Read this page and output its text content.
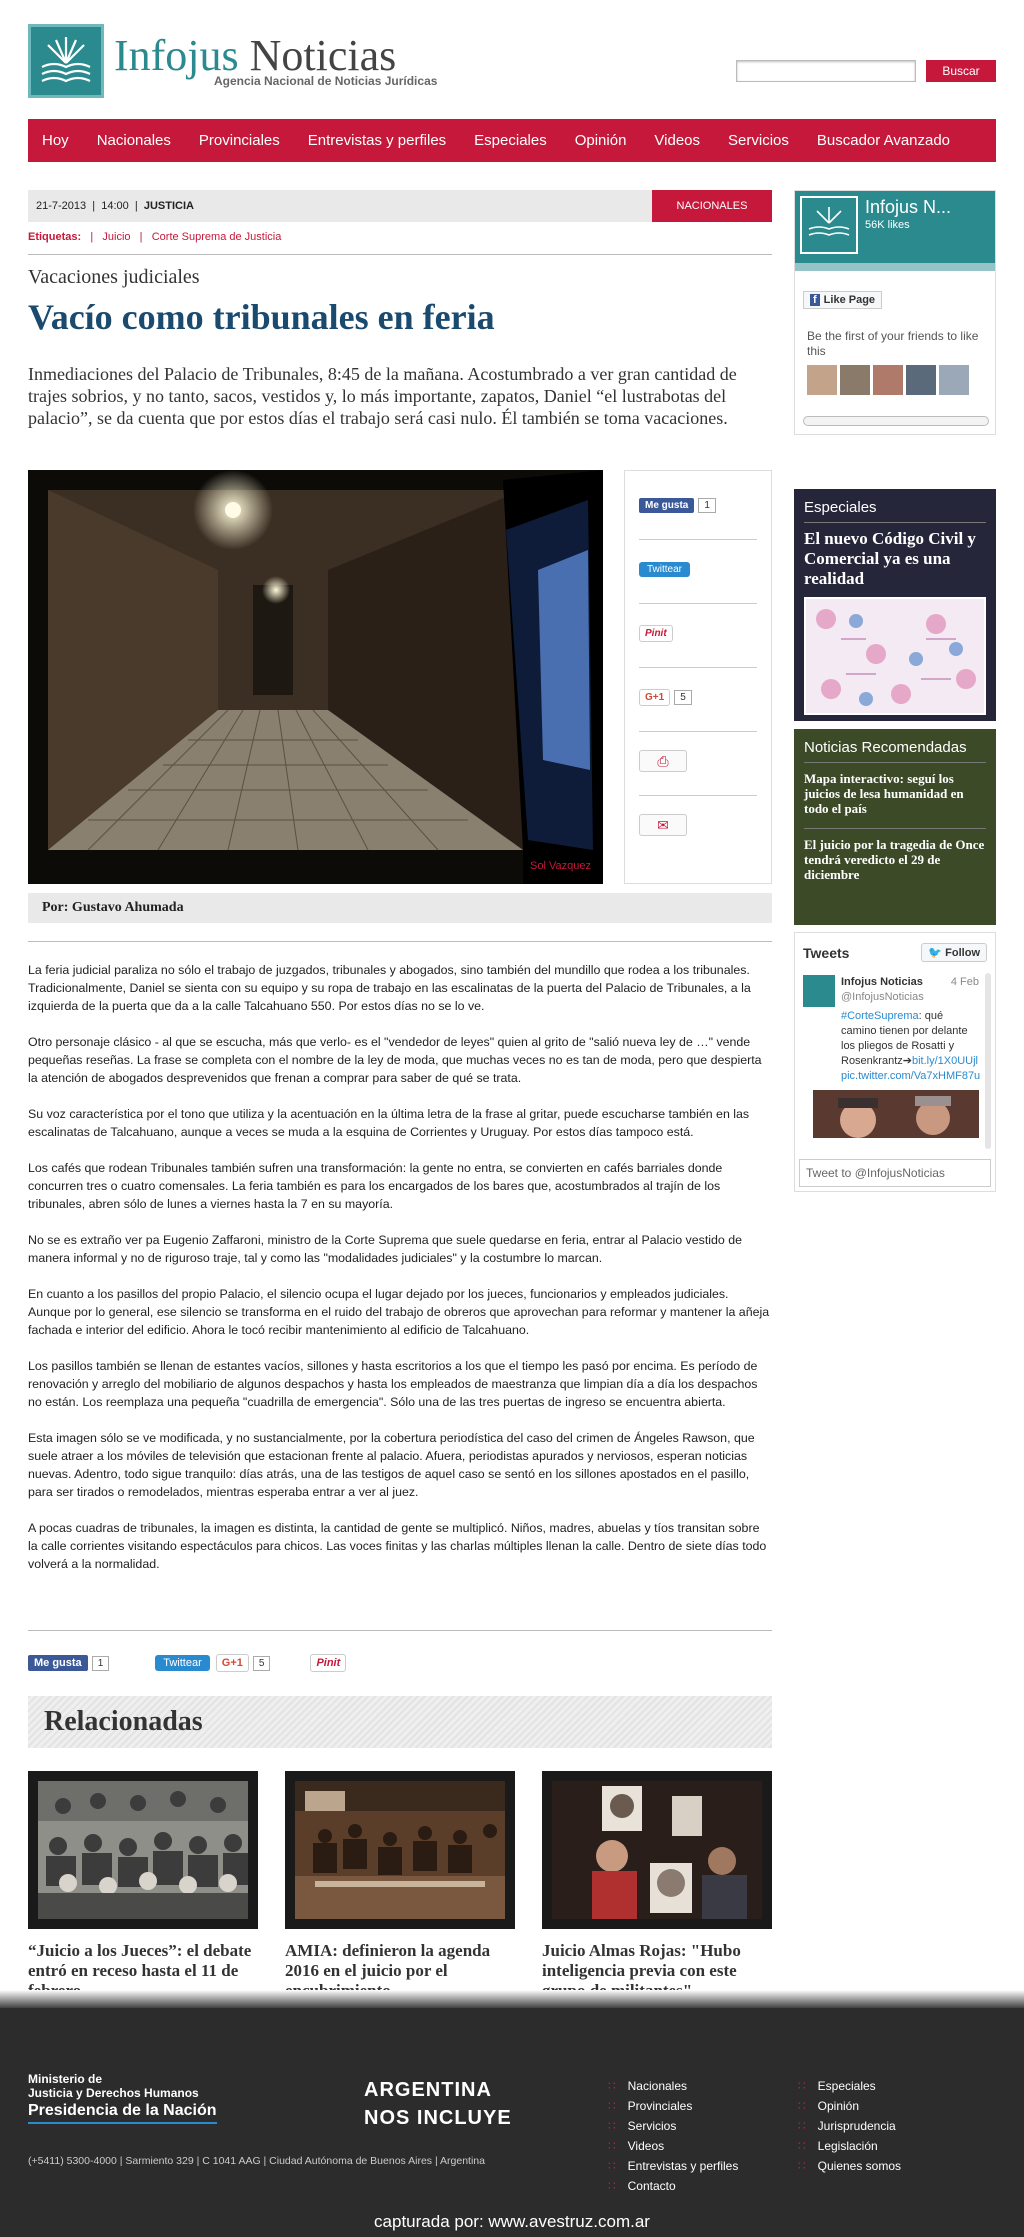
Infojus Noticias
Agencia Nacional de Noticias Jurídicas
Buscar
Hoy Nacionales Provinciales Entrevistas y perfiles Especiales Opinión Videos Servicios Buscador Avanzado
21-7-2013  |  14:00  |  JUSTICIA	NACIONALES
Etiquetas:   |   Juicio   |   Corte Suprema de Justicia
Vacaciones judiciales
Vacío como tribunales en feria
Inmediaciones del Palacio de Tribunales, 8:45 de la mañana. Acostumbrado a ver gran cantidad de trajes sobrios, y no tanto, sacos, vestidos y, lo más importante, zapatos, Daniel “el lustrabotas del palacio”, se da cuenta que por estos días el trabajo será casi nulo. Él también se toma vacaciones.
Sol Vazquez
Me gusta	1
Twittear
Pinit
G+1	5
⎙
✉
Por: Gustavo Ahumada

La feria judicial paraliza no sólo el trabajo de juzgados, tribunales y abogados, sino también del mundillo que rodea a los tribunales. Tradicionalmente, Daniel se sienta con su equipo y su ropa de trabajo en las escalinatas de la puerta del Palacio de Tribunales, a la izquierda de la puerta que da a la calle Talcahuano 550. Por estos días no se lo ve.

Otro personaje clásico - al que se escucha, más que verlo- es el "vendedor de leyes" quien al grito de "salió nueva ley de …" vende pequeñas reseñas. La frase se completa con el nombre de la ley de moda, que muchas veces no es tan de moda, pero que despierta la atención de abogados desprevenidos que frenan a comprar para saber de qué se trata.

Su voz característica por el tono que utiliza y la acentuación en la última letra de la frase al gritar, puede escucharse también en las escalinatas de Talcahuano, aunque a veces se muda a la esquina de Corrientes y Uruguay. Por estos días tampoco está.

Los cafés que rodean Tribunales también sufren una transformación: la gente no entra, se convierten en cafés barriales donde concurren tres o cuatro comensales. La feria también es para los encargados de los bares que, acostumbrados al trajín de los tribunales, abren sólo de lunes a viernes hasta la 7 en su mayoría.

No se es extraño ver pa Eugenio Zaffaroni, ministro de la Corte Suprema que suele quedarse en feria, entrar al Palacio vestido de manera informal y no de riguroso traje, tal y como las "modalidades judiciales" y la costumbre lo marcan.

En cuanto a los pasillos del propio Palacio, el silencio ocupa el lugar dejado por los jueces, funcionarios y empleados judiciales. Aunque por lo general, ese silencio se transforma en el ruido del trabajo de obreros que aprovechan para reformar y mantener la añeja fachada e interior del edificio. Ahora le tocó recibir mantenimiento al edificio de Talcahuano.

Los pasillos también se llenan de estantes vacíos, sillones y hasta escritorios a los que el tiempo les pasó por encima. Es período de renovación y arreglo del mobiliario de algunos despachos y hasta los empleados de maestranza que limpian día a día los despachos no están. Los reemplaza una pequeña "cuadrilla de emergencia". Sólo una de las tres puertas de ingreso se encuentra abierta.

Esta imagen sólo se ve modificada, y no sustancialmente, por la cobertura periodística del caso del crimen de Ángeles Rawson, que suele atraer a los móviles de televisión que estacionan frente al palacio. Afuera, periodistas apurados y nerviosos, esperan noticias nuevas. Adentro, todo sigue tranquilo: días atrás, una de las testigos de aquel caso se sentó en los sillones apostados en el pasillo, para ser tirados o remodelados, mientras esperaba entrar a ver al juez.

A pocas cuadras de tribunales, la imagen es distinta, la cantidad de gente se multiplicó. Niños, madres, abuelas y tíos transitan sobre la calle corrientes visitando espectáculos para chicos. Las voces finitas y las charlas múltiples llenan la calle. Dentro de siete días todo volverá a la normalidad.

Me gusta	1	Twittear	G+1	5	Pinit
Relacionadas
“Juicio a los Jueces”: el debate entró en receso hasta el 11 de
AMIA: definieron la agenda 2016 en el juicio por el
Juicio Almas Rojas: "Hubo inteligencia previa con este
Infojus N...
56K likes
f Like Page
Be the first of your friends to like this
Especiales
El nuevo Código Civil y Comercial ya es una realidad
Noticias Recomendadas
Mapa interactivo: seguí los juicios de lesa humanidad en todo el país
El juicio por la tragedia de Once tendrá veredicto el 29 de diciembre
Tweets	🐦 Follow
Infojus Noticias	4 Feb
@InfojusNoticias
#CorteSuprema: qué camino tienen por delante los pliegos de Rosatti y Rosenkrantz➔bit.ly/1X0UUjl
pic.twitter.com/Va7xHMF87u
Tweet to @InfojusNoticias
Ministerio de
Justicia y Derechos Humanos
Presidencia de la Nación
ARGENTINA
NOS INCLUYE
(+5411) 5300-4000 | Sarmiento 329 | C 1041 AAG | Ciudad Autónoma de Buenos Aires | Argentina
∷ Nacionales
∷ Provinciales
∷ Servicios
∷ Videos
∷ Entrevistas y perfiles
∷ Contacto
∷ Especiales
∷ Opinión
∷ Jurisprudencia
∷ Legislación
∷ Quienes somos
capturada por: www.avestruz.com.ar
